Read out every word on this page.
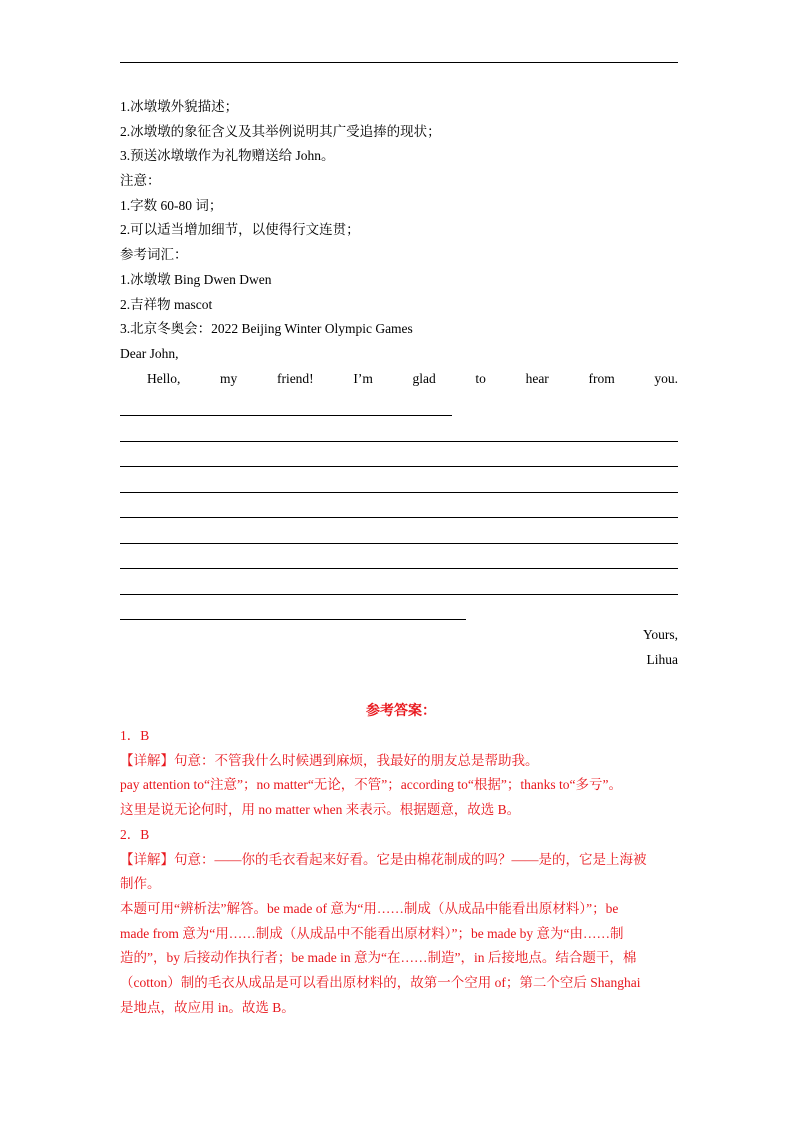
1.冰墩墩外貌描述；
2.冰墩墩的象征含义及其举例说明其广受追捧的现状；
3.预送冰墩墩作为礼物赠送给 John。
注意：
1.字数 60-80 词；
2.可以适当增加细节，以使得行文连贯；
参考词汇：
1.冰墩墩 Bing Dwen Dwen
2.吉祥物 mascot
3.北京冬奥会：2022 Beijing Winter Olympic Games
Dear John,
Hello,	my	friend!	I’m	glad	to	hear	from	you.
Yours,
Lihua
参考答案：
1．B
【详解】句意：不管我什么时候遇到麻烦，我最好的朋友总是帮助我。
pay attention to“注意”；no matter“无论，不管”；according to“根据”；thanks to“多亏”。
这里是说无论何时，用 no matter when 来表示。根据题意，故选 B。
2．B
【详解】句意：——你的毛衣看起来好看。它是由棉花制成的吗？——是的，它是上海被
制作。
本题可用“辨析法”解答。be made of 意为“用……制成（从成品中能看出原材料）”；be
made from 意为“用……制成（从成品中不能看出原材料）”；be made by 意为“由……制
造的”，by 后接动作执行者；be made in 意为“在……制造”，in 后接地点。结合题干，棉
（cotton）制的毛衣从成品是可以看出原材料的，故第一个空用 of；第二个空后 Shanghai
是地点，故应用 in。故选 B。
